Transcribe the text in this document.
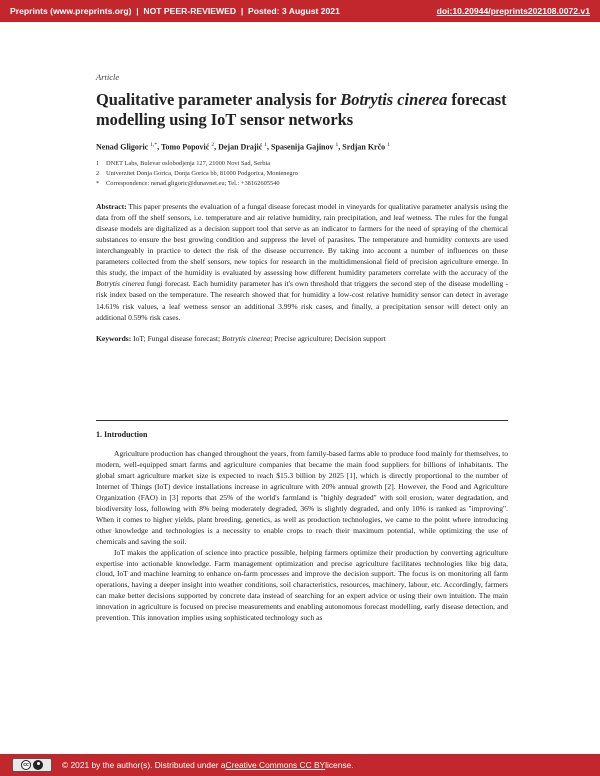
Preprints (www.preprints.org)  |  NOT PEER-REVIEWED  |  Posted: 3 August 2021	doi:10.20944/preprints202108.0072.v1
Article
Qualitative parameter analysis for Botrytis cinerea forecast modelling using IoT sensor networks
Nenad Gligoric $^{1,*}$, Tomo Popović $^2$, Dejan Drajić $^1$, Spasenija Gajinov $^1$, Srdjan Krčo $^1$
1	DNET Labs, Bulevar oslobodjenja 127, 21000 Novi Sad, Serbia
2	Univerzitet Donja Gorica, Donja Gorica bb, 81000 Podgorica, Montenegro
*	Correspondence: nenad.gligoric@dunavnet.eu; Tel.: +38162605540
Abstract: This paper presents the evaluation of a fungal disease forecast model in vineyards for qualitative parameter analysis using the data from off the shelf sensors, i.e. temperature and air relative humidity, rain precipitation, and leaf wetness. The rules for the fungal disease models are digitalized as a decision support tool that serve as an indicator to farmers for the need of spraying of the chemical substances to ensure the best growing condition and suppress the level of parasites. The temperature and humidity contexts are used interchangeably in practice to detect the risk of the disease occurrence. By taking into account a number of influences on these parameters collected from the shelf sensors, new topics for research in the multidimensional field of precision agriculture emerge. In this study, the impact of the humidity is evaluated by assessing how different humidity parameters correlate with the accuracy of the Botrytis cinerea fungi forecast. Each humidity parameter has it's own threshold that triggers the second step of the disease modelling - risk index based on the temperature. The research showed that for humidity a low-cost relative humidity sensor can detect in average 14.61% risk values, a leaf wetness sensor an additional 3.99% risk cases, and finally, a precipitation sensor will detect only an additional 0.59% risk cases.
Keywords: IoT; Fungal disease forecast; Botrytis cinerea; Precise agriculture; Decision support
1. Introduction

Agriculture production has changed throughout the years, from family-based farms able to produce food mainly for themselves, to modern, well-equipped smart farms and agriculture companies that became the main food suppliers for billions of inhabitants. The global smart agriculture market size is expected to reach $15.3 billion by 2025 [1], which is directly proportional to the number of Internet of Things (IoT) device installations increase in agriculture with 20% annual growth [2]. However, the Food and Agriculture Organization (FAO) in [3] reports that 25% of the world's farmland is "highly degraded" with soil erosion, water degradation, and biodiversity loss, following with 8% being moderately degraded, 36% is slightly degraded, and only 10% is ranked as "improving". When it comes to higher yields, plant breeding, genetics, as well as production technologies, we came to the point where introducing other knowledge and technologies is a necessity to enable crops to reach their maximum potential, while optimizing the use of chemicals and saving the soil.

IoT makes the application of science into practice possible, helping farmers optimize their production by converting agriculture expertise into actionable knowledge. Farm management optimization and precise agriculture facilitates technologies like big data, cloud, IoT and machine learning to enhance on-farm processes and improve the decision support. The focus is on monitoring all farm operations, having a deeper insight into weather conditions, soil characteristics, resources, machinery, labour, etc. Accordingly, farmers can make better decisions supported by concrete data instead of searching for an expert advice or using their own intuition. The main innovation in agriculture is focused on precise measurements and enabling autonomous forecast modelling, early disease detection, and prevention. This innovation implies using sophisticated technology such as

cc	© 2021 by the author(s). Distributed under a Creative Commons CC BY license.
